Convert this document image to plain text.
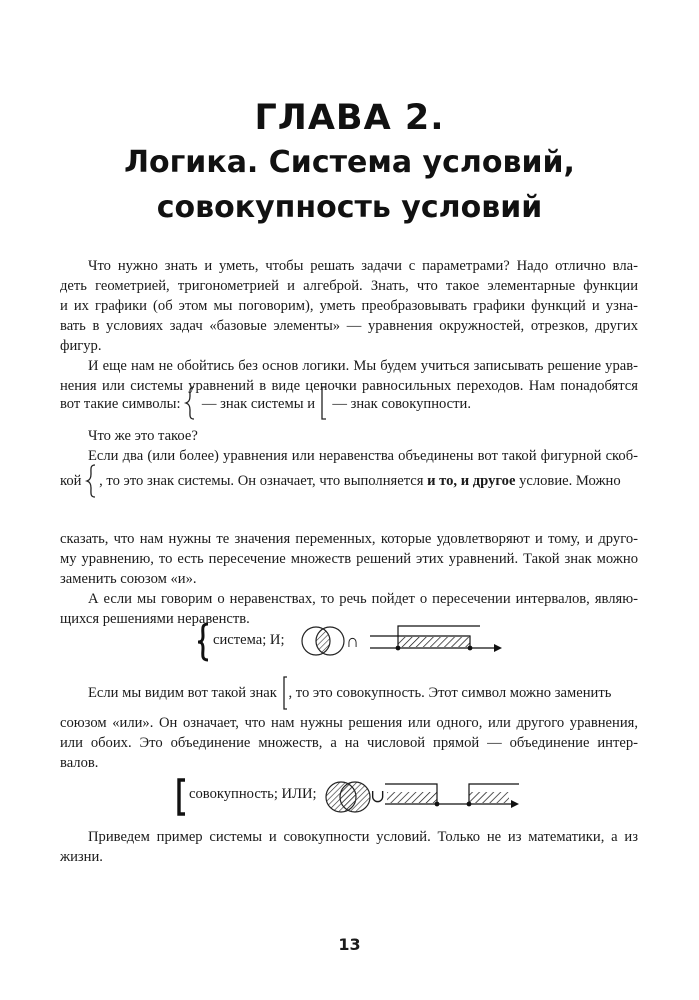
ГЛАВА 2.
Логика. Система условий,
совокупность условий
Что нужно знать и уметь, чтобы решать задачи с параметрами? Надо отлично вла-
деть геометрией, тригонометрией и алгеброй. Знать, что такое элементарные функции
и их графики (об этом мы поговорим), уметь преобразовывать графики функций и узна-
вать в условиях задач «базовые элементы» — уравнения окружностей, отрезков, других
фигур.
И еще нам не обойтись без основ логики. Мы будем учиться записывать решение урав-
нения или системы уравнений в виде цепочки равносильных переходов. Нам понадобятся
вот такие символы: — знак системы и — знак совокупности.
Что же это такое?
Если два (или более) уравнения или неравенства объединены вот такой фигурной скоб-
кой , то это знак системы. Он означает, что выполняется и то, и другое условие. Можно
сказать, что нам нужны те значения переменных, которые удовлетворяют и тому, и друго-
му уравнению, то есть пересечение множеств решений этих уравнений. Такой знак можно
заменить союзом «и».
А если мы говорим о неравенствах, то речь пойдет о пересечении интервалов, являю-
щихся решениями неравенств.
система; И;	∩
Если мы видим вот такой знак , то это совокупность. Этот символ можно заменить
союзом «или». Он означает, что нам нужны решения или одного, или другого уравнения,
или обоих. Это объединение множеств, а на числовой прямой — объединение интер-
валов.
совокупность; ИЛИ;	∪
Приведем пример системы и совокупности условий. Только не из математики, а из
жизни.
13
